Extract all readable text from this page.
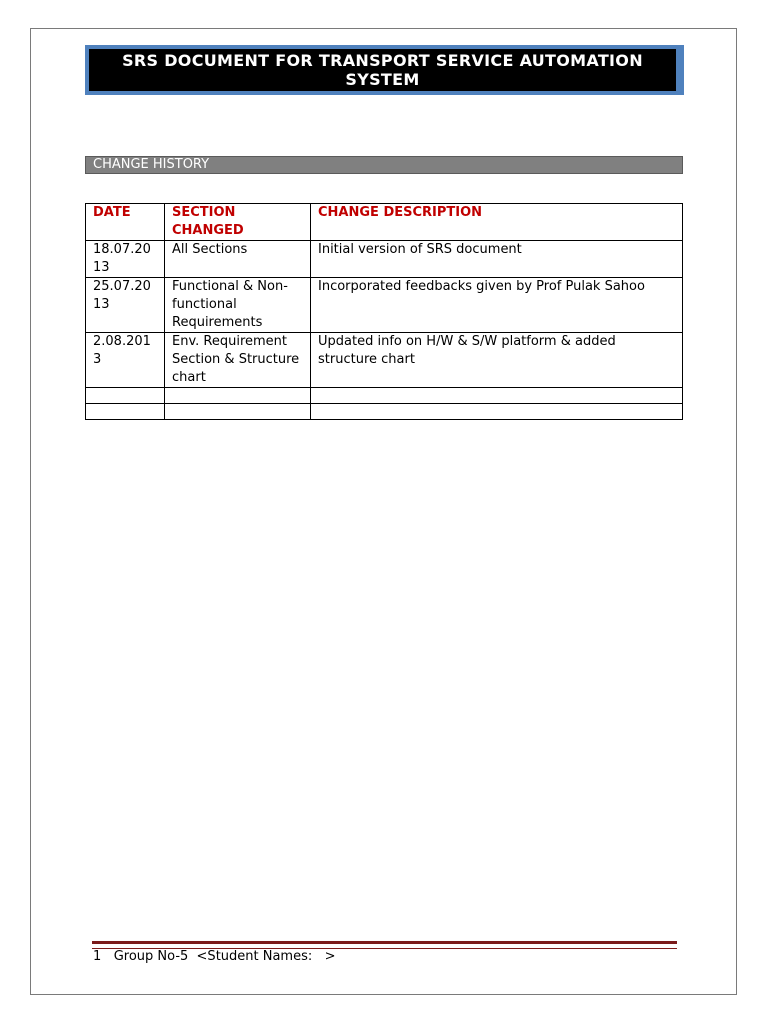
SRS DOCUMENT FOR TRANSPORT SERVICE AUTOMATION SYSTEM
CHANGE HISTORY
DATE	SECTION CHANGED	CHANGE DESCRIPTION
18.07.2013	All Sections	Initial version of SRS document
25.07.2013	Functional & Non-functional Requirements	Incorporated feedbacks given by Prof Pulak Sahoo
2.08.2013	Env. Requirement Section & Structure chart	Updated info on H/W & S/W platform & added structure chart

1 Group No-5  <Student Names:   >
